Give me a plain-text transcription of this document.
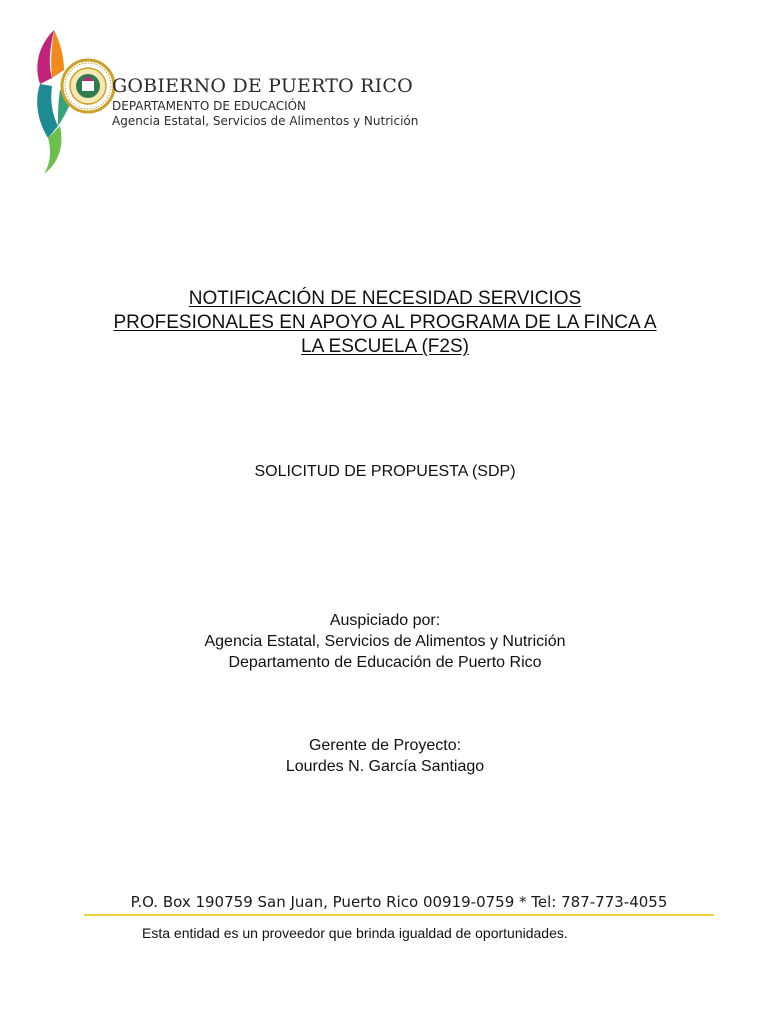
GOBIERNO DE PUERTO RICO
DEPARTAMENTO DE EDUCACIÓN
Agencia Estatal, Servicios de Alimentos y Nutrición
NOTIFICACIÓN DE NECESIDAD SERVICIOS
PROFESIONALES EN APOYO AL PROGRAMA DE LA FINCA A
LA ESCUELA (F2S)
SOLICITUD DE PROPUESTA (SDP)
Auspiciado por:
Agencia Estatal, Servicios de Alimentos y Nutrición
Departamento de Educación de Puerto Rico
Gerente de Proyecto:
Lourdes N. García Santiago
P.O. Box 190759 San Juan, Puerto Rico 00919-0759 * Tel: 787-773-4055
Esta entidad es un proveedor que brinda igualdad de oportunidades.
